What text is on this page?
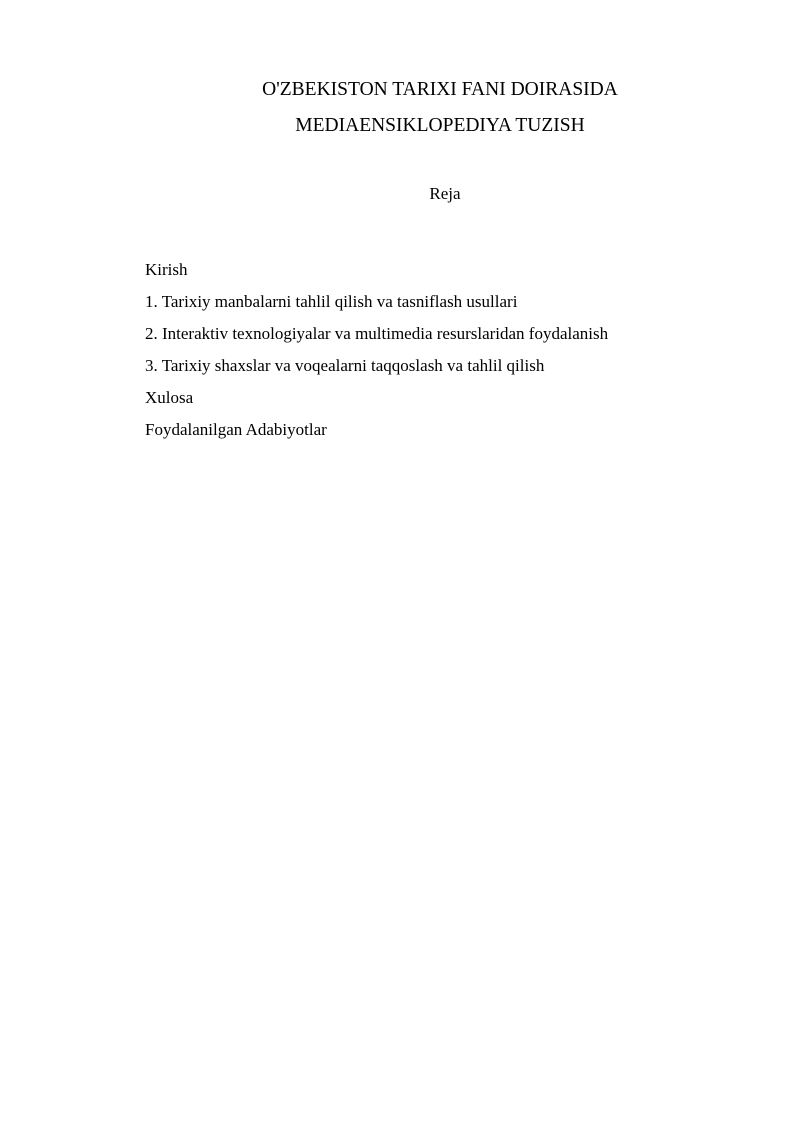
O'ZBEKISTON TARIXI FANI DOIRASIDA
MEDIAENSIKLOPEDIYA TUZISH

Reja

Kirish
1. Tarixiy manbalarni tahlil qilish va tasniflash usullari
2. Interaktiv texnologiyalar va multimedia resurslaridan foydalanish
3. Tarixiy shaxslar va voqealarni taqqoslash va tahlil qilish
Xulosa
Foydalanilgan Adabiyotlar
